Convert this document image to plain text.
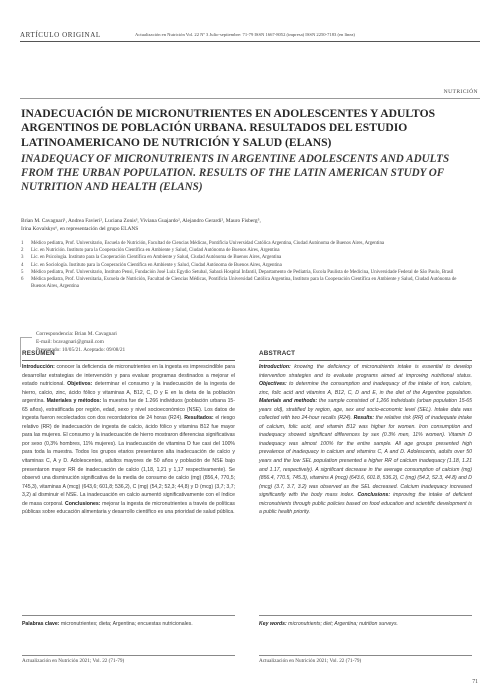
ARTÍCULO ORIGINAL	Actualización en Nutrición Vol. 22 Nº 3 Julio-septiembre: 71-79 ISSN 1667-8052 (impresa) ISSN 2250-7183 (en línea)
NUTRICIÓN
INADECUACIÓN DE MICRONUTRIENTES EN ADOLESCENTES Y ADULTOS ARGENTINOS DE POBLACIÓN URBANA. RESULTADOS DEL ESTUDIO LATINOAMERICANO DE NUTRICIÓN Y SALUD (ELANS)
INADEQUACY OF MICRONUTRIENTS IN ARGENTINE ADOLESCENTS AND ADULTS FROM THE URBAN POPULATION. RESULTS OF THE LATIN AMERICAN STUDY OF NUTRITION AND HEALTH (ELANS)
Brian M. Cavagnari¹, Andrea Favieri², Luciana Zonis³, Viviana Guajardo², Alejandro Gerardi², Mauro Fisberg⁵,
Irina Kovalskys⁶, en representación del grupo ELANS
1 Médico pediatra, Prof. Universitario, Escuela de Nutrición, Facultad de Ciencias Médicas, Pontificia Universidad Católica Argentina, Ciudad Autónoma de Buenos Aires, Argentina
2 Lic. en Nutrición. Instituto para la Cooperación Científica en Ambiente y Salud, Ciudad Autónoma de Buenos Aires, Argentina
3 Lic. en Psicología. Instituto para la Cooperación Científica en Ambiente y Salud, Ciudad Autónoma de Buenos Aires, Argentina
4 Lic. en Sociología. Instituto para la Cooperación Científica en Ambiente y Salud, Ciudad Autónoma de Buenos Aires, Argentina
5 Médico pediatra, Prof. Universitario, Instituto Pensi, Fundación José Luiz Egydio Setubal, Sabará Hospital Infantil, Departamento de Pediatria, Escola Paulista de Medicina, Universidade Federal de São Paulo, Brasil
6 Médica pediatra, Prof. Universitaria, Escuela de Nutrición, Facultad de Ciencias Médicas, Pontificia Universidad Católica Argentina, Instituto para la Cooperación Científica en Ambiente y Salud, Ciudad Autónoma de Buenos Aires, Argentina
Correspondencia: Brian M. Cavagnari
E-mail: bcavagnari@gmail.com
Presentado: 10/05/21. Aceptado: 09/08/21
RESUMEN
Introducción: conocer la deficiencia de micronutrientes en la ingesta es imprescindible para desarrollar estrategias de intervención y para evaluar programas destinados a mejorar el estado nutricional. Objetivos: determinar el consumo y la inadecuación de la ingesta de hierro, calcio, zinc, ácido fólico y vitaminas A, B12, C, D y E en la dieta de la población argentina. Materiales y métodos: la muestra fue de 1.266 individuos (población urbana 15-65 años), estratificada por región, edad, sexo y nivel socioeconómico (NSE). Los datos de ingesta fueron recolectados con dos recordatorios de 24 horas (R24). Resultados: el riesgo relativo (RR) de inadecuación de ingesta de calcio, ácido fólico y vitamina B12 fue mayor para las mujeres. El consumo y la inadecuación de hierro mostraron diferencias significativas por sexo (0,3% hombres, 11% mujeres). La inadecuación de vitamina D fue casi del 100% para toda la muestra. Todos los grupos etarios presentaron alta inadecuación de calcio y vitaminas C, A y D. Adolescentes, adultos mayores de 50 años y población de NSE bajo presentaron mayor RR de inadecuación de calcio (1,18, 1,21 y 1,17 respectivamente). Se observó una disminución significativa de la media de consumo de calcio (mg) (856,4, 770,5; 745,3), vitaminas A (mcg) (643,6; 601,8; 536,2), C (mg) (54,2; 52,3; 44,8) y D (mcg) (3,7; 3,7; 3,2) al disminuir el NSE. La inadecuación en calcio aumentó significativamente con el índice de masa corporal. Conclusiones: mejorar la ingesta de micronutrientes a través de políticas públicas sobre educación alimentaria y desarrollo científico es una prioridad de salud pública.
ABSTRACT
Introduction: knowing the deficiency of micronutrients intake is essential to develop intervention strategies and to evaluate programs aimed at improving nutritional status. Objectives: to determine the consumption and inadequacy of the intake of iron, calcium, zinc, folic acid and vitamins A, B12, C, D and E, in the diet of the Argentine population. Materials and methods: the sample consisted of 1,266 individuals (urban population 15-65 years old), stratified by region, age, sex and socio-economic level (SEL). Intake data was collected with two 24-hour recalls (R24). Results: the relative risk (RR) of inadequate intake of calcium, folic acid, and vitamin B12 was higher for women. Iron consumption and inadequacy showed significant differences by sex (0.3% men, 11% women). Vitamin D inadequacy was almost 100% for the entire sample. All age groups presented high prevalence of inadequacy in calcium and vitamins C, A and D. Adolescents, adults over 50 years and the low SEL population presented a higher RR of calcium inadequacy (1.18, 1.21 and 1.17, respectively). A significant decrease in the average consumption of calcium (mg) (856.4, 770.5, 745.3), vitamins A (mcg) (643.6, 601.8, 536.2), C (mg) (54.2, 52.3, 44.8) and D (mcg) (3.7, 3.7, 3.2) was observed as the SEL decreased. Calcium inadequacy increased significantly with the body mass index. Conclusions: improving the intake of deficient micronutrients through public policies based on food education and scientific development is a public health priority.
Palabras clave: micronutrientes; dieta; Argentina; encuestas nutricionales.	Key words: micronutrients; diet; Argentina; nutrition surveys.
Actualización en Nutrición 2021; Vol. 22 (71-79)	Actualización en Nutrición 2021; Vol. 22 (71-79)
71
